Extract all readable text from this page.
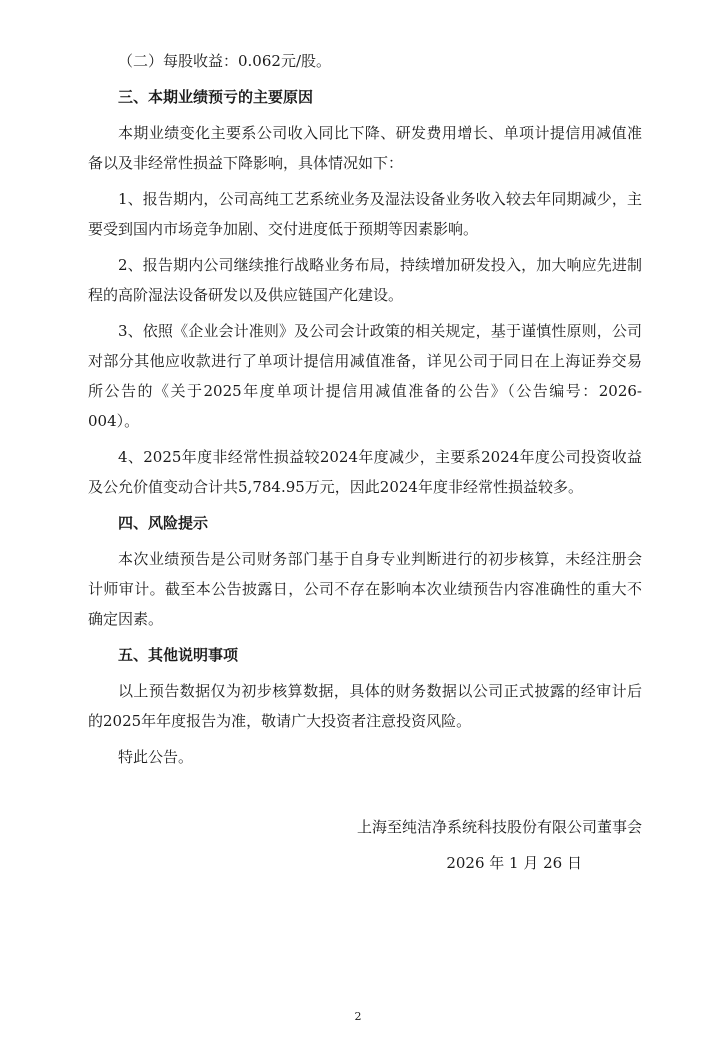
（二）每股收益：0.062元/股。

三、本期业绩预亏的主要原因

本期业绩变化主要系公司收入同比下降、研发费用增长、单项计提信用减值准备以及非经常性损益下降影响，具体情况如下：

1、报告期内，公司高纯工艺系统业务及湿法设备业务收入较去年同期减少，主要受到国内市场竞争加剧、交付进度低于预期等因素影响。

2、报告期内公司继续推行战略业务布局，持续增加研发投入，加大响应先进制程的高阶湿法设备研发以及供应链国产化建设。

3、依照《企业会计准则》及公司会计政策的相关规定，基于谨慎性原则，公司对部分其他应收款进行了单项计提信用减值准备，详见公司于同日在上海证券交易所公告的《关于2025年度单项计提信用减值准备的公告》（公告编号：2026-004）。

4、2025年度非经常性损益较2024年度减少，主要系2024年度公司投资收益及公允价值变动合计共5,784.95万元，因此2024年度非经常性损益较多。

四、风险提示

本次业绩预告是公司财务部门基于自身专业判断进行的初步核算，未经注册会计师审计。截至本公告披露日，公司不存在影响本次业绩预告内容准确性的重大不确定因素。

五、其他说明事项

以上预告数据仅为初步核算数据，具体的财务数据以公司正式披露的经审计后的2025年年度报告为准，敬请广大投资者注意投资风险。

特此公告。

上海至纯洁净系统科技股份有限公司董事会

2026 年 1 月 26 日

2
